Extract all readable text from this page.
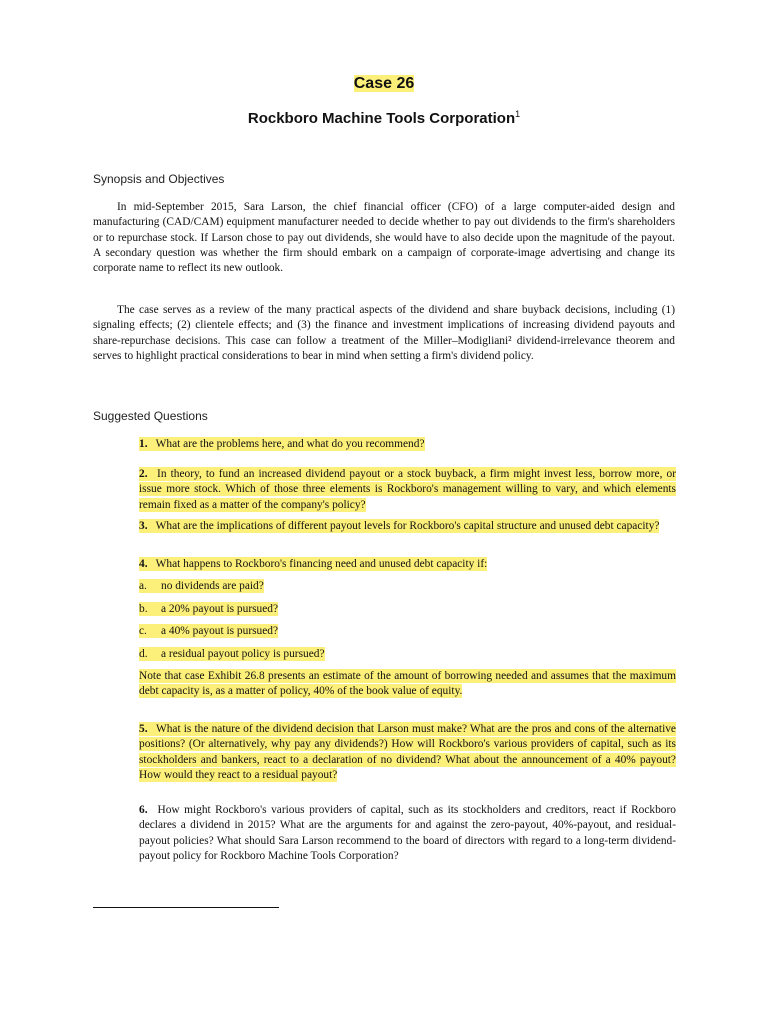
Case 26
Rockboro Machine Tools Corporation$^1$
Synopsis and Objectives
In mid-September 2015, Sara Larson, the chief financial officer (CFO) of a large computer-aided design and manufacturing (CAD/CAM) equipment manufacturer needed to decide whether to pay out dividends to the firm's shareholders or to repurchase stock. If Larson chose to pay out dividends, she would have to also decide upon the magnitude of the payout. A secondary question was whether the firm should embark on a campaign of corporate-image advertising and change its corporate name to reflect its new outlook.
The case serves as a review of the many practical aspects of the dividend and share buyback decisions, including (1) signaling effects; (2) clientele effects; and (3) the finance and investment implications of increasing dividend payouts and share-repurchase decisions. This case can follow a treatment of the Miller–Modigliani² dividend-irrelevance theorem and serves to highlight practical considerations to bear in mind when setting a firm's dividend policy.
Suggested Questions
1. What are the problems here, and what do you recommend?
2. In theory, to fund an increased dividend payout or a stock buyback, a firm might invest less, borrow more, or issue more stock. Which of those three elements is Rockboro's management willing to vary, and which elements remain fixed as a matter of the company's policy?
3. What are the implications of different payout levels for Rockboro's capital structure and unused debt capacity?
4. What happens to Rockboro's financing need and unused debt capacity if:
a. no dividends are paid?
b. a 20% payout is pursued?
c. a 40% payout is pursued?
d. a residual payout policy is pursued?
Note that case Exhibit 26.8 presents an estimate of the amount of borrowing needed and assumes that the maximum debt capacity is, as a matter of policy, 40% of the book value of equity.
5. What is the nature of the dividend decision that Larson must make? What are the pros and cons of the alternative positions? (Or alternatively, why pay any dividends?) How will Rockboro's various providers of capital, such as its stockholders and bankers, react to a declaration of no dividend? What about the announcement of a 40% payout? How would they react to a residual payout?
6. How might Rockboro's various providers of capital, such as its stockholders and creditors, react if Rockboro declares a dividend in 2015? What are the arguments for and against the zero-payout, 40%-payout, and residual-payout policies? What should Sara Larson recommend to the board of directors with regard to a long-term dividend-payout policy for Rockboro Machine Tools Corporation?
